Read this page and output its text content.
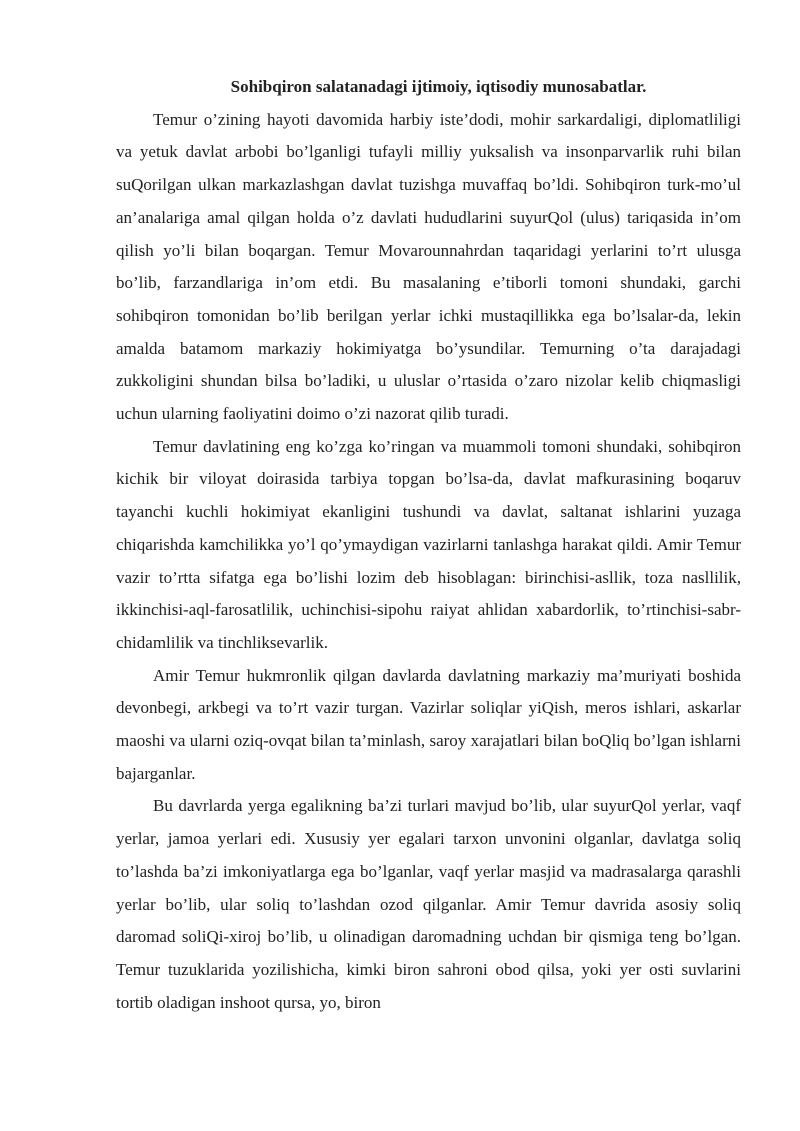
Sohibqiron salatanadagi ijtimoiy, iqtisodiy munosabatlar.

Temur o’zining hayoti davomida harbiy iste’dodi, mohir sarkardaligi, diplomatliligi va yetuk davlat arbobi bo’lganligi tufayli milliy yuksalish va insonparvarlik ruhi bilan suQorilgan ulkan markazlashgan davlat tuzishga muvaffaq bo’ldi. Sohibqiron turk-mo’ul an’analariga amal qilgan holda o’z davlati hududlarini suyurQol (ulus) tariqasida in’om qilish yo’li bilan boqargan. Temur Movarounnahrdan taqaridagi yerlarini to’rt ulusga bo’lib, farzandlariga in’om etdi. Bu masalaning e’tiborli tomoni shundaki, garchi sohibqiron tomonidan bo’lib berilgan yerlar ichki mustaqillikka ega bo’lsalar-da, lekin amalda batamom markaziy hokimiyatga bo’ysundilar. Temurning o’ta darajadagi zukkoligini shundan bilsa bo’ladiki, u uluslar o’rtasida o’zaro nizolar kelib chiqmasligi uchun ularning faoliyatini doimo o’zi nazorat qilib turadi.

Temur davlatining eng ko’zga ko’ringan va muammoli tomoni shundaki, sohibqiron kichik bir viloyat doirasida tarbiya topgan bo’lsa-da, davlat mafkurasining boqaruv tayanchi kuchli hokimiyat ekanligini tushundi va davlat, saltanat ishlarini yuzaga chiqarishda kamchilikka yo’l qo’ymaydigan vazirlarni tanlashga harakat qildi. Amir Temur vazir to’rtta sifatga ega bo’lishi lozim deb hisoblagan: birinchisi-asllik, toza nasllilik, ikkinchisi-aql-farosatlilik, uchinchisi-sipohu raiyat ahlidan xabardorlik, to’rtinchisi-sabr-chidamlilik va tinchliksevarlik.

Amir Temur hukmronlik qilgan davlarda davlatning markaziy ma’muriyati boshida devonbegi, arkbegi va to’rt vazir turgan. Vazirlar soliqlar yiQish, meros ishlari, askarlar maoshi va ularni oziq-ovqat bilan ta’minlash, saroy xarajatlari bilan boQliq bo’lgan ishlarni bajarganlar.

Bu davrlarda yerga egalikning ba’zi turlari mavjud bo’lib, ular suyurQol yerlar, vaqf yerlar, jamoa yerlari edi. Xususiy yer egalari tarxon unvonini olganlar, davlatga soliq to’lashda ba’zi imkoniyatlarga ega bo’lganlar, vaqf yerlar masjid va madrasalarga qarashli yerlar bo’lib, ular soliq to’lashdan ozod qilganlar. Amir Temur davrida asosiy soliq daromad soliQi-xiroj bo’lib, u olinadigan daromadning uchdan bir qismiga teng bo’lgan. Temur tuzuklarida yozilishicha, kimki biron sahroni obod qilsa, yoki yer osti suvlarini tortib oladigan inshoot qursa, yo, biron
